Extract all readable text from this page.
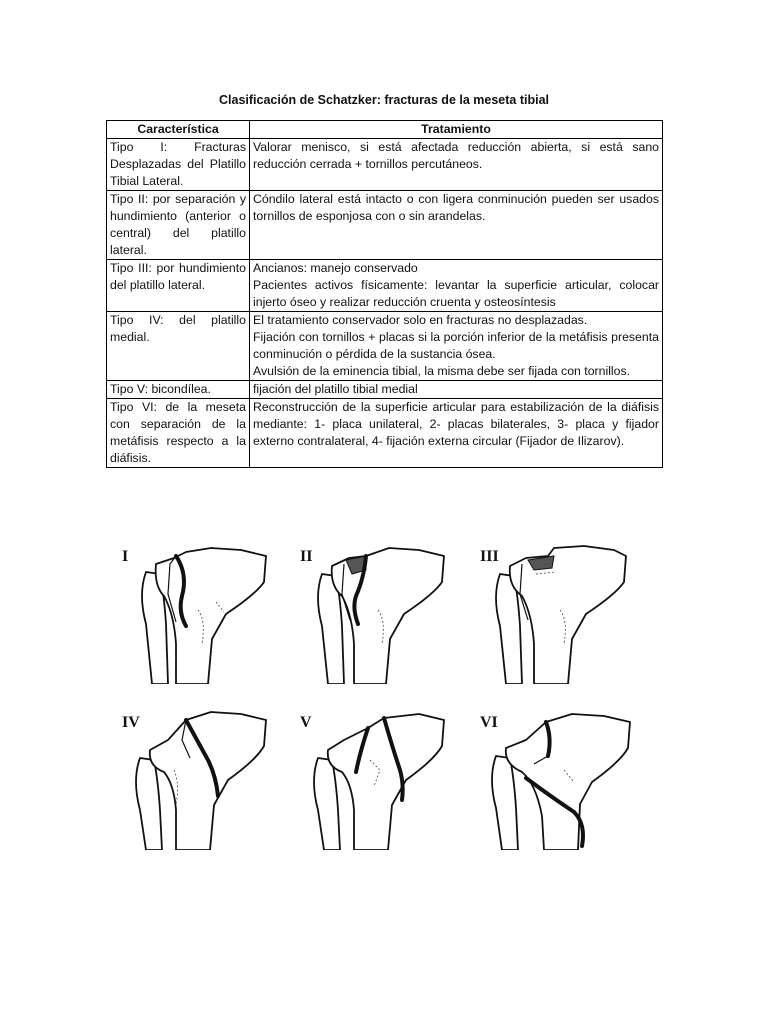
Clasificación de Schatzker: fracturas de la meseta tibial
Característica	Tratamiento
Tipo I: Fracturas Desplazadas del Platillo Tibial Lateral.	Valorar menisco, si está afectada reducción abierta, si está sano reducción cerrada + tornillos percutáneos.

Tipo II: por separación y hundimiento (anterior o central) del platillo lateral.	Cóndilo lateral está intacto o con ligera conminución pueden ser usados tornillos de esponjosa con o sin arandelas.

Tipo III: por hundimiento del platillo lateral.	Ancianos: manejo conservado
Pacientes activos físicamente: levantar la superficie articular, colocar injerto óseo y realizar reducción cruenta y osteosíntesis

Tipo IV: del platillo medial.	El tratamiento conservador solo en fracturas no desplazadas.
Fijación con tornillos + placas si la porción inferior de la metáfisis presenta conminución o pérdida de la sustancia ósea.
Avulsión de la eminencia tibial, la misma debe ser fijada con tornillos.

Tipo V: bicondílea.	fijación del platillo tibial medial

Tipo VI: de la meseta con separación de la metáfisis respecto a la diáfisis.	Reconstrucción de la superficie articular para estabilización de la diáfisis mediante: 1- placa unilateral, 2- placas bilaterales, 3- placa y fijador externo contralateral, 4- fijación externa circular (Fijador de Ilizarov).
I	II	III
IV	V	VI
